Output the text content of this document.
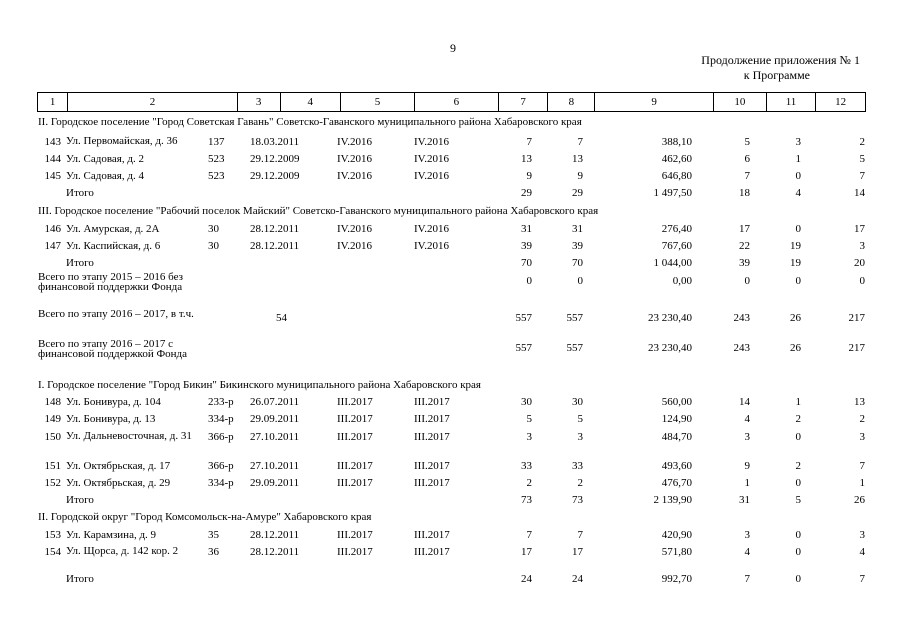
9
Продолжение приложения № 1
к Программе
1	2	3	4	5	6	7	8	9	10	11	12
II. Городское поселение "Город Советская Гавань" Советско-Гаванского муниципального района Хабаровского края
143 Ул. Первомайская, д. 36	137	18.03.2011	IV.2016	IV.2016	7	7	388,10	5	3	2
144 Ул. Садовая, д. 2	523	29.12.2009	IV.2016	IV.2016	13	13	462,60	6	1	5
145 Ул. Садовая, д. 4	523	29.12.2009	IV.2016	IV.2016	9	9	646,80	7	0	7
Итого	29	29	1 497,50	18	4	14
III. Городское поселение "Рабочий поселок Майский" Советско-Гаванского муниципального района Хабаровского края
146 Ул. Амурская, д. 2А	30	28.12.2011	IV.2016	IV.2016	31	31	276,40	17	0	17
147 Ул. Каспийская, д. 6	30	28.12.2011	IV.2016	IV.2016	39	39	767,60	22	19	3
Итого	70	70	1 044,00	39	19	20
Всего по этапу 2015 – 2016 без финансовой поддержки Фонда	0	0	0,00	0	0	0
Всего по этапу 2016 – 2017, в т.ч.	54	557	557	23 230,40	243	26	217
Всего по этапу 2016 – 2017 с финансовой поддержкой Фонда	557	557	23 230,40	243	26	217
I. Городское поселение "Город Бикин" Бикинского муниципального района Хабаровского края
148 Ул. Бонивура, д. 104	233-р	26.07.2011	III.2017	III.2017	30	30	560,00	14	1	13
149 Ул. Бонивура, д. 13	334-р	29.09.2011	III.2017	III.2017	5	5	124,90	4	2	2
150 Ул. Дальневосточная, д. 31 366-р	27.10.2011	III.2017	III.2017	3	3	484,70	3	0	3
151 Ул. Октябрьская, д. 17	366-р	27.10.2011	III.2017	III.2017	33	33	493,60	9	2	7
152 Ул. Октябрьская, д. 29	334-р	29.09.2011	III.2017	III.2017	2	2	476,70	1	0	1
Итого	73	73	2 139,90	31	5	26
II. Городской округ "Город Комсомольск-на-Амуре" Хабаровского края
153 Ул. Карамзина, д. 9	35	28.12.2011	III.2017	III.2017	7	7	420,90	3	0	3
154 Ул. Щорса, д. 142 кор. 2	36	28.12.2011	III.2017	III.2017	17	17	571,80	4	0	4
Итого	24	24	992,70	7	0	7
